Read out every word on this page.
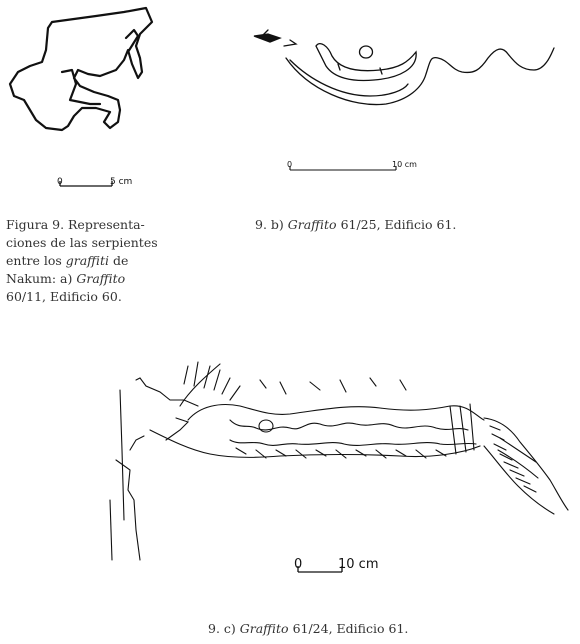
0	5 cm
0	10 cm
0	10 cm
Figura 9. Representa-
ciones de las serpientes
entre los graffiti de
Nakum: a) Graffito
60/11, Edificio 60.
9. b) Graffito 61/25, Edificio 61.
9. c) Graffito 61/24, Edificio 61.
